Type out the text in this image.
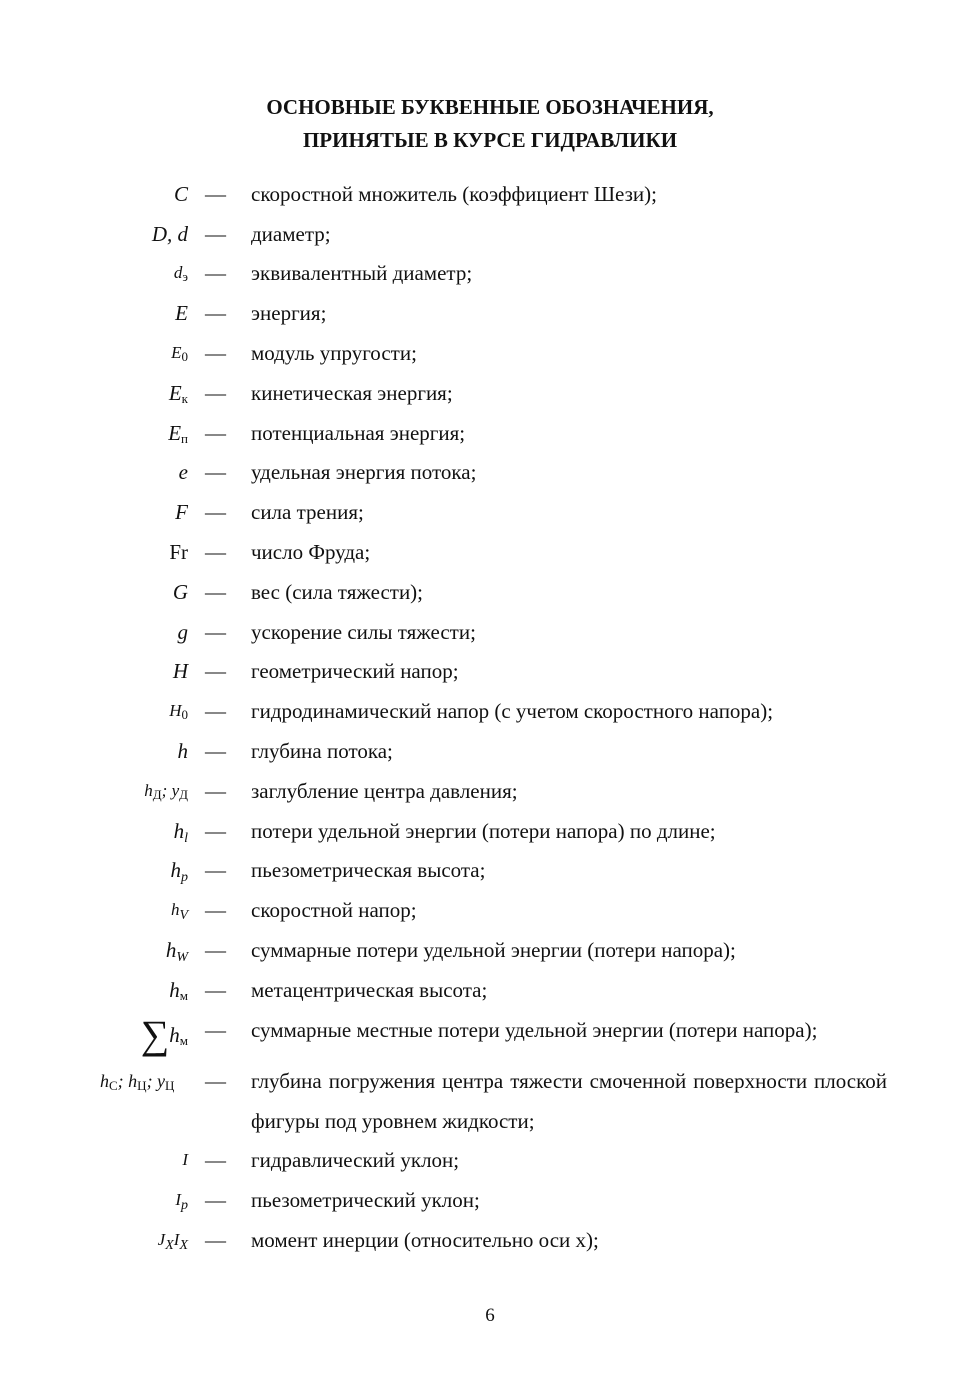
ОСНОВНЫЕ БУКВЕННЫЕ ОБОЗНАЧЕНИЯ,
ПРИНЯТЫЕ В КУРСЕ ГИДРАВЛИКИ
C — скоростной множитель (коэффициент Шези);
D, d — диаметр;
$d_э$ — эквивалентный диаметр;
E — энергия;
$E_0$ — модуль упругости;
$E_к$ — кинетическая энергия;
$E_п$ — потенциальная энергия;
e — удельная энергия потока;
F — сила трения;
Fr — число Фруда;
G — вес (сила тяжести);
g — ускорение силы тяжести;
H — геометрический напор;
$H_0$ — гидродинамический напор (с учетом скоростного напора);
h — глубина потока;
$h_Д$; $у_Д$ — заглубление центра давления;
hl — потери удельной энергии (потери напора) по длине;
hp — пьезометрическая высота;
$h_V$ — скоростной напор;
hW — суммарные потери удельной энергии (потери напора);
$h_м$ — метацентрическая высота;
$\sum h_м$ — суммарные местные потери удельной энергии (потери напора);
$h_C$; $h_Ц$; $y_Ц$ — глубина погружения центра тяжести смоченной поверхности плоской фигуры под уровнем жидкости;
I — гидравлический уклон;
$I_p$ — пьезометрический уклон;
$J_XI_X$ — момент инерции (относительно оси x);
6
